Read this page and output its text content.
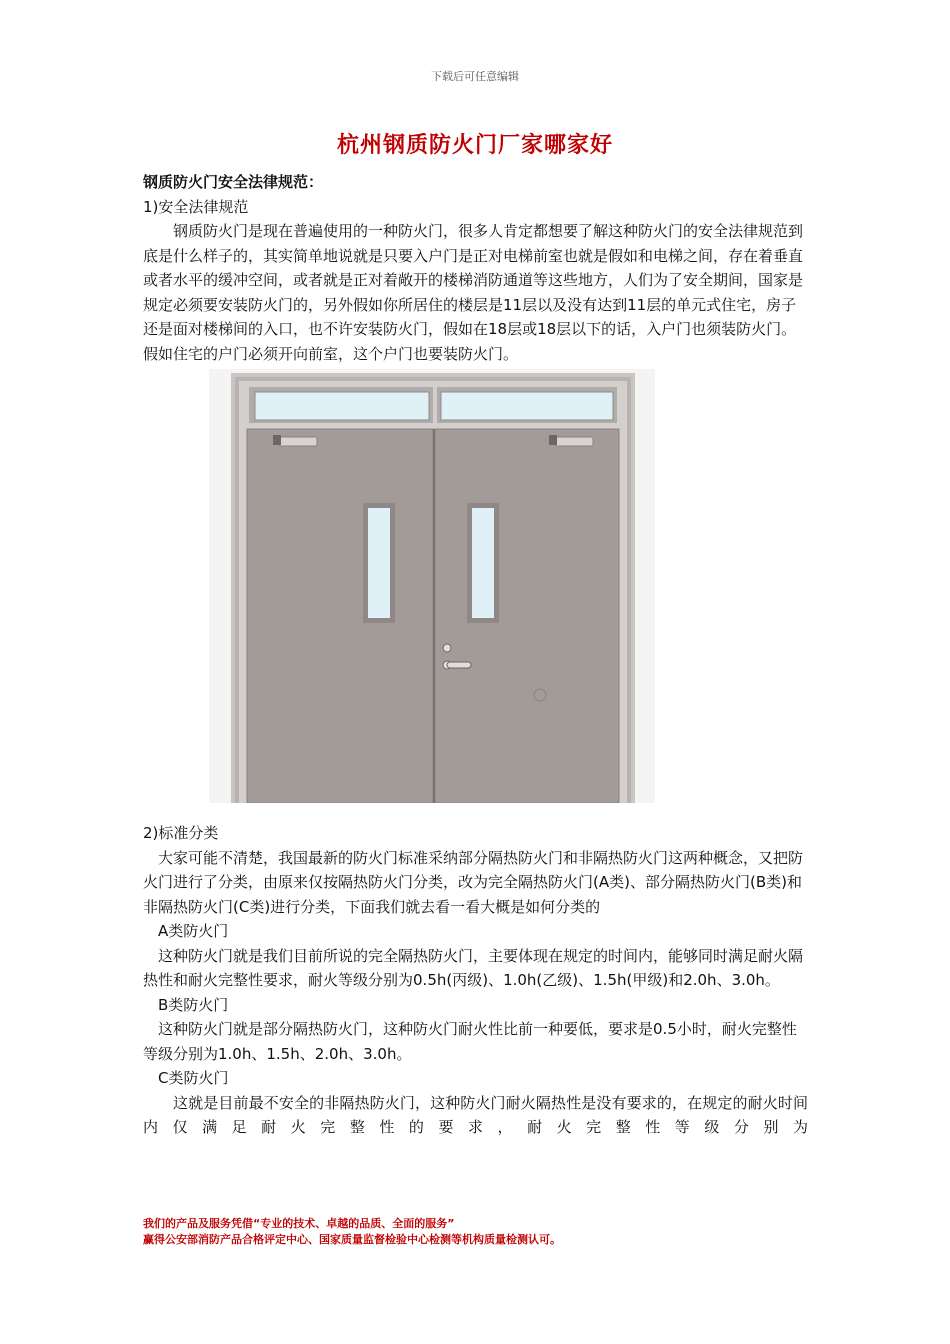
下载后可任意编辑
杭州钢质防火门厂家哪家好

钢质防火门安全法律规范：

1)安全法律规范

钢质防火门是现在普遍使用的一种防火门，很多人肯定都想要了解这种防火门的安全法律规范到底是什么样子的，其实简单地说就是只要入户门是正对电梯前室也就是假如和电梯之间，存在着垂直或者水平的缓冲空间，或者就是正对着敞开的楼梯消防通道等这些地方，人们为了安全期间，国家是规定必须要安装防火门的，另外假如你所居住的楼层是11层以及没有达到11层的单元式住宅，房子还是面对楼梯间的入口，也不许安装防火门，假如在18层或18层以下的话，入户门也须装防火门。假如住宅的户门必须开向前室，这个户门也要装防火门。

2)标准分类

大家可能不清楚，我国最新的防火门标准采纳部分隔热防火门和非隔热防火门这两种概念，又把防火门进行了分类，由原来仅按隔热防火门分类，改为完全隔热防火门(A类)、部分隔热防火门(B类)和非隔热防火门(C类)进行分类，下面我们就去看一看大概是如何分类的

A类防火门

这种防火门就是我们目前所说的完全隔热防火门，主要体现在规定的时间内，能够同时满足耐火隔热性和耐火完整性要求，耐火等级分别为0.5h(丙级)、1.0h(乙级)、1.5h(甲级)和2.0h、3.0h。

B类防火门

这种防火门就是部分隔热防火门，这种防火门耐火性比前一种要低，要求是0.5小时，耐火完整性等级分别为1.0h、1.5h、2.0h、3.0h。

C类防火门

这就是目前最不安全的非隔热防火门，这种防火门耐火隔热性是没有要求的，在规定的耐火时间内仅满足耐火完整性的要求，耐火完整性等级分别为

我们的产品及服务凭借“专业的技术、卓越的品质、全面的服务”
赢得公安部消防产品合格评定中心、国家质量监督检验中心检测等机构质量检测认可。
